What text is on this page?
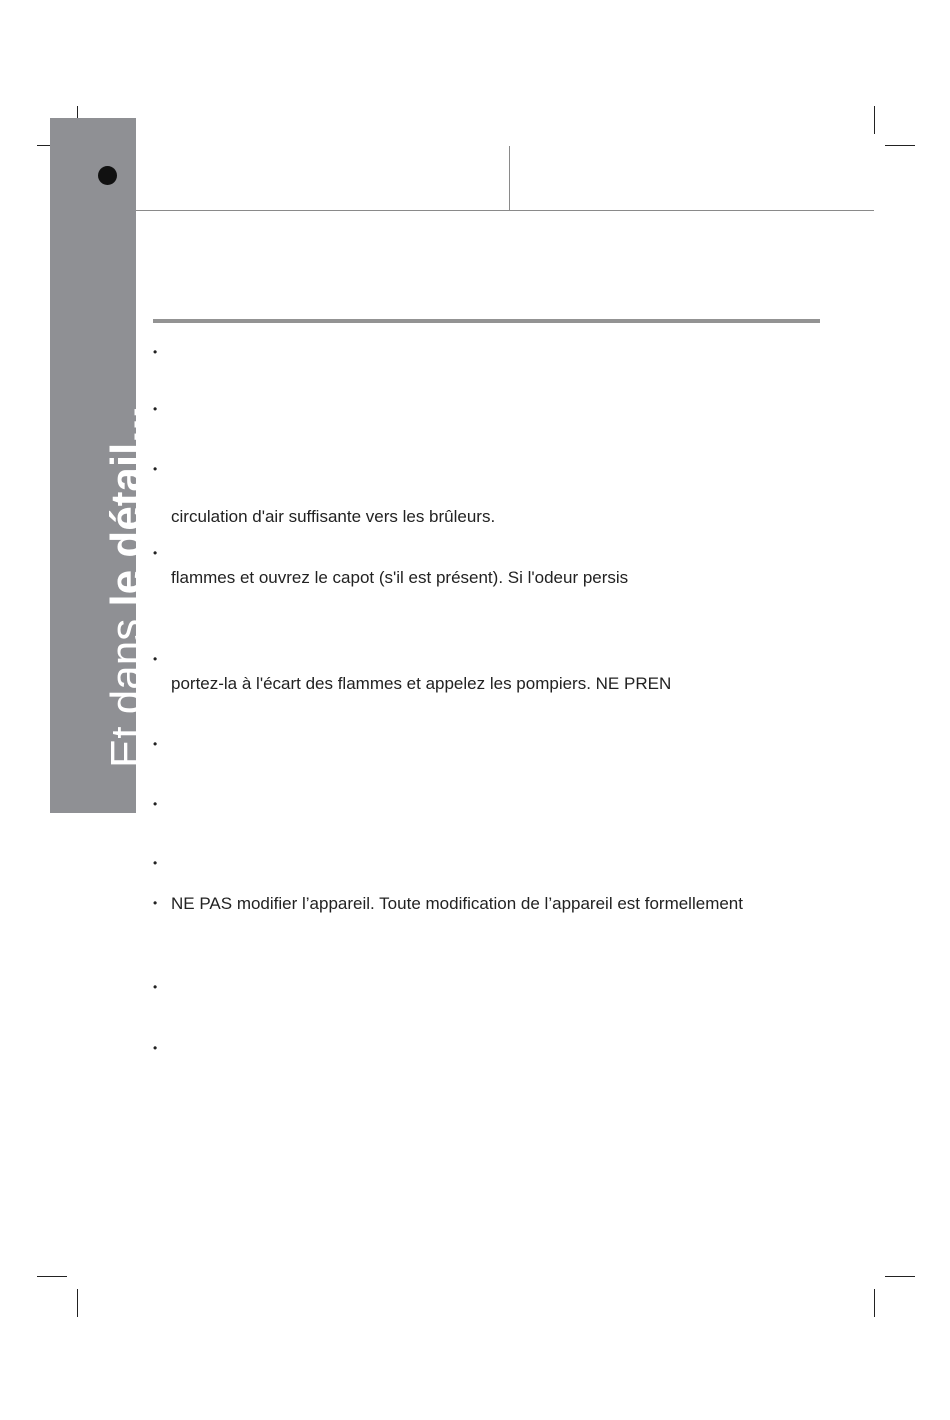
Et dans le détail...
•
•
•
•
•
•
•
•
•
•
•
circulation d'air suffisante vers les brûleurs.
flammes et ouvrez le capot (s'il est présent). Si l'odeur persis
portez-la à l'écart des flammes et appelez les pompiers. NE PREN
NE PAS modifier l’appareil. Toute modification de l’appareil est formellement
